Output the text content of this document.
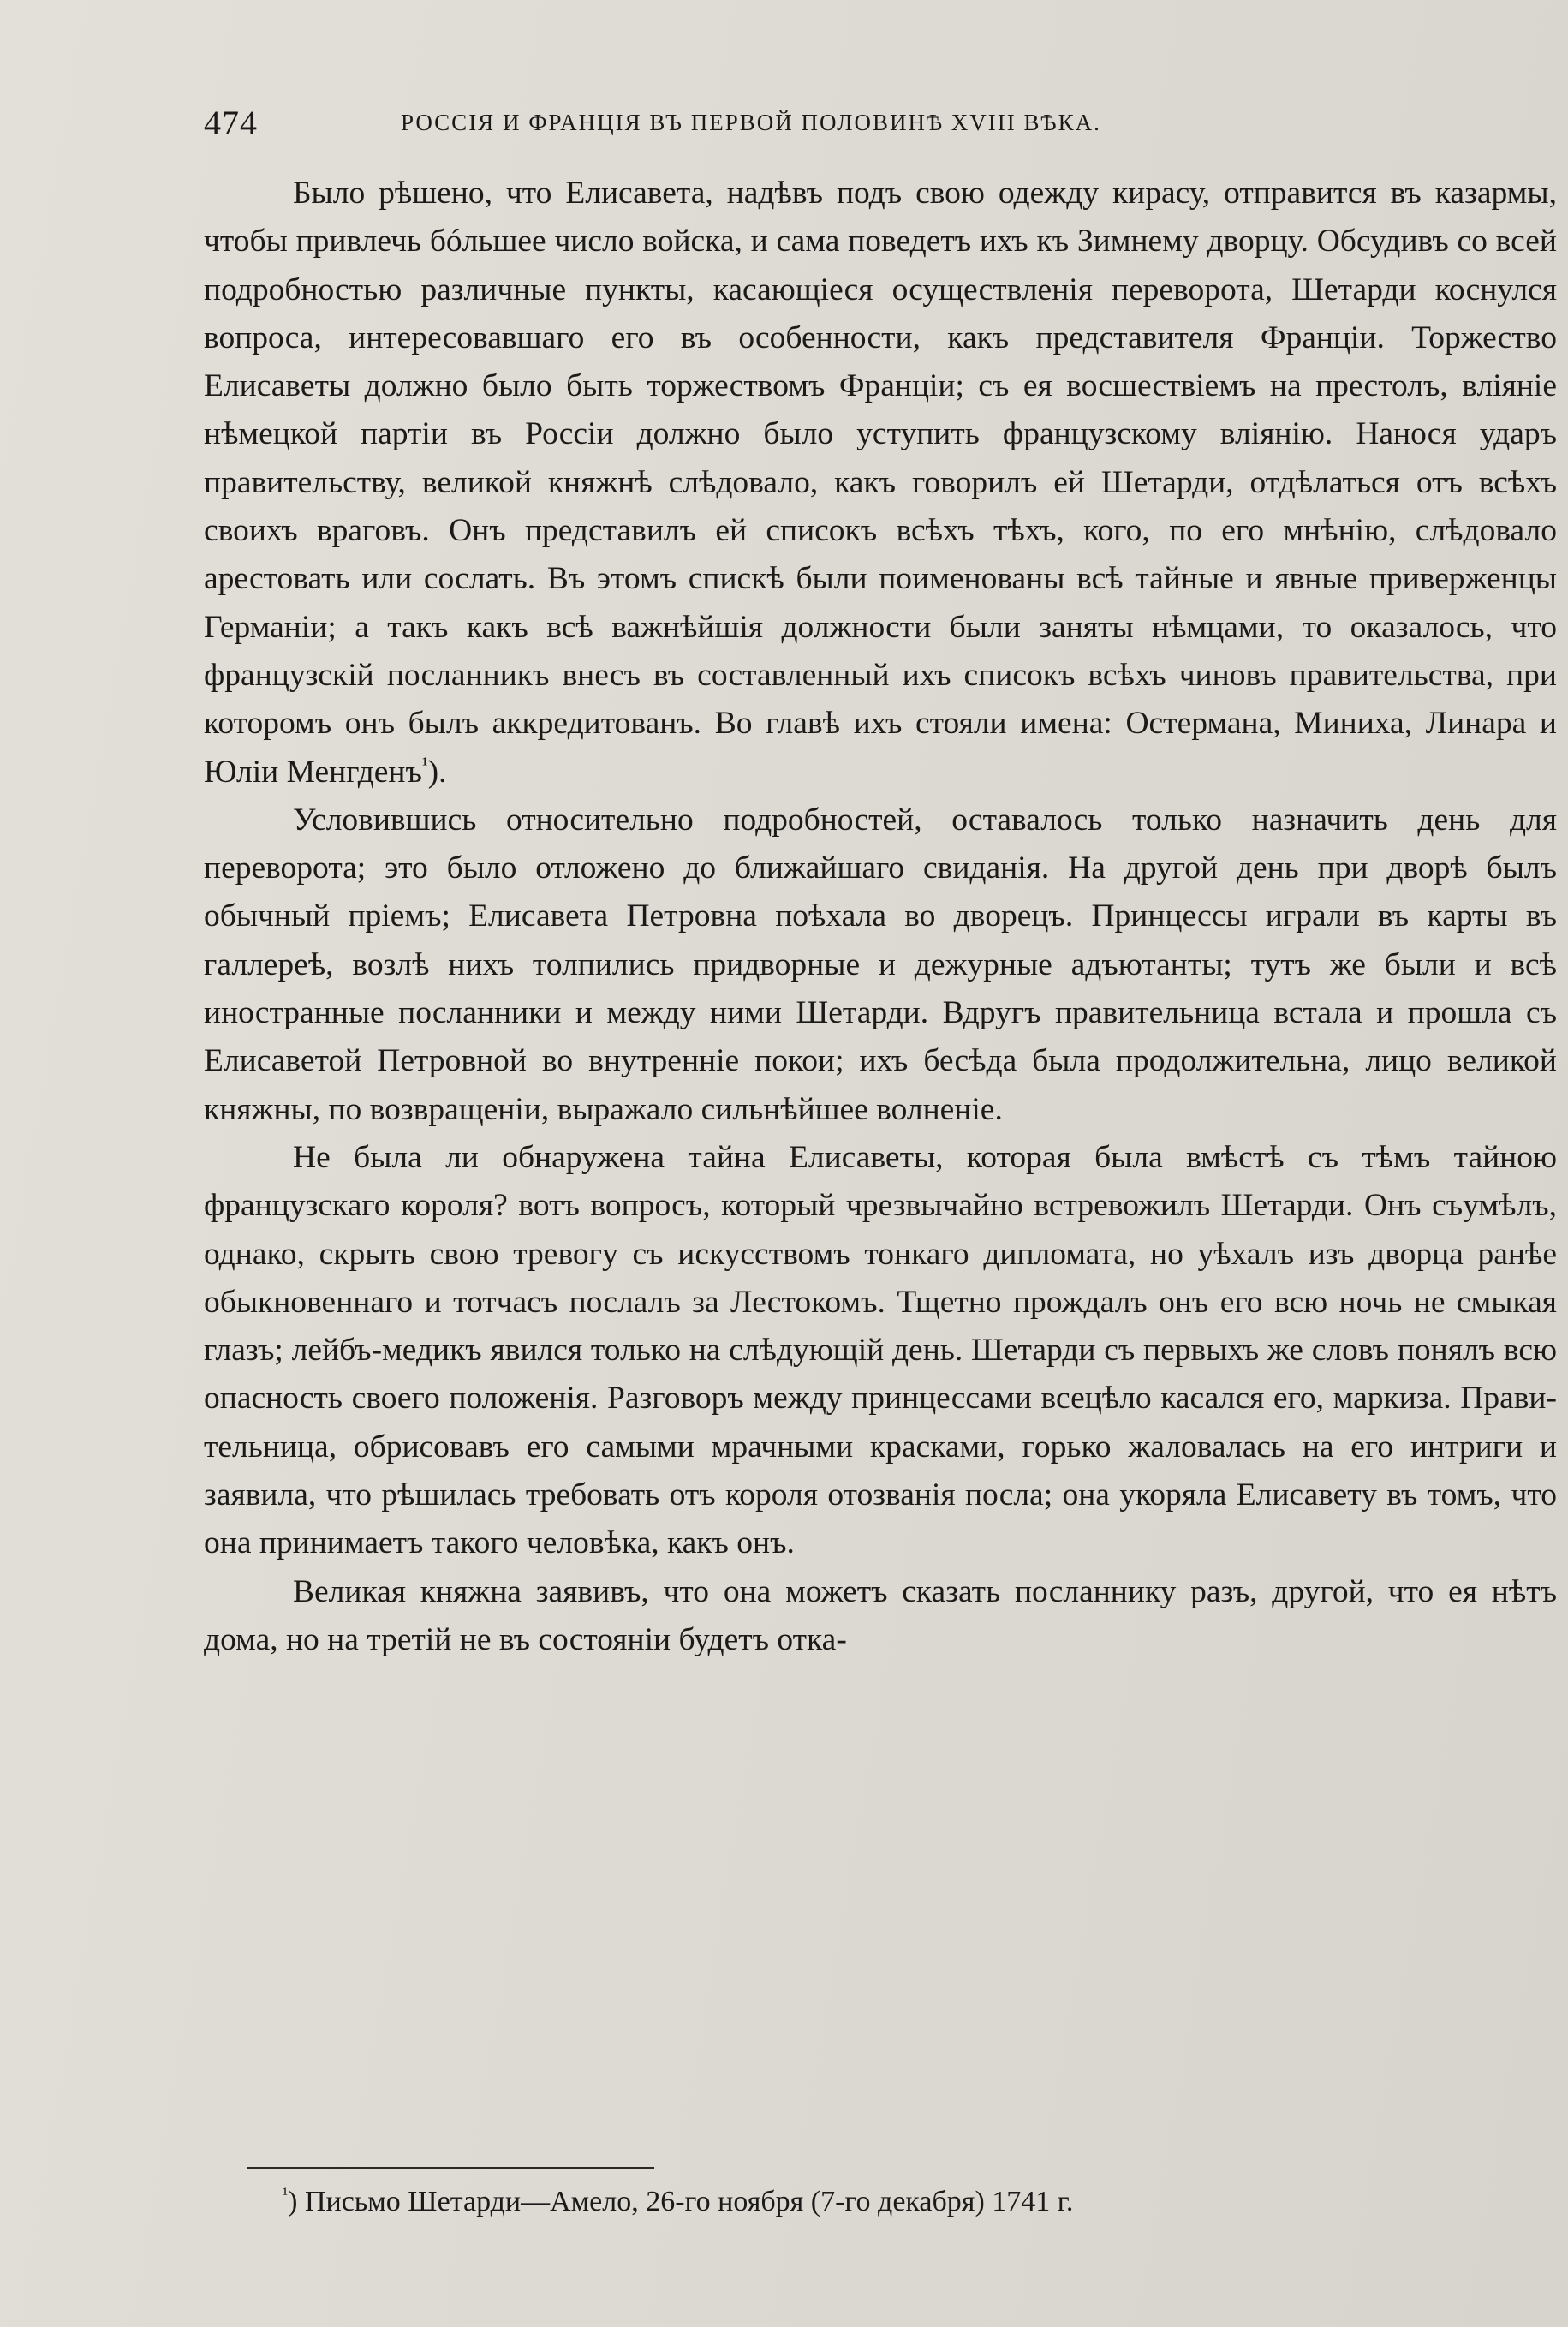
474	РОССІЯ И ФРАНЦІЯ ВЪ ПЕРВОЙ ПОЛОВИНѢ XVIII ВѢКА.

Было рѣшено, что Елисавета, надѣвъ подъ свою одежду кирасу, отправится въ казармы, чтобы привлечь бóльшее число войска, и сама поведетъ ихъ къ Зимнему дворцу. Обсудивъ со всей подробностью различные пункты, касающіеся осуществленія переворота, Шетарди коснулся вопроса, интересовавшаго его въ особенности, какъ представителя Франціи. Торжество Елисаветы должно было быть торжествомъ Франціи; съ ея восшествіемъ на престолъ, вліяніе нѣмецкой партіи въ Россіи должно было уступить французскому вліянію. Нанося ударъ правительству, великой княжнѣ слѣдовало, какъ говорилъ ей Шетарди, отдѣлаться отъ всѣхъ своихъ враговъ. Онъ представилъ ей списокъ всѣхъ тѣхъ, кого, по его мнѣнію, слѣдовало арестовать или сослать. Въ этомъ спискѣ были поименованы всѣ тайные и явные приверженцы Германіи; а такъ какъ всѣ важнѣйшія должности были заняты нѣмцами, то оказалось, что французскій посланникъ внесъ въ составленный ихъ списокъ всѣхъ чиновъ правительства, при которомъ онъ былъ аккредитованъ. Во главѣ ихъ стояли имена: Остермана, Миниха, Линара и Юліи Менгденъ$^{^1}$).

Условившись относительно подробностей, оставалось только назначить день для переворота; это было отложено до ближайшаго свиданія. На другой день при дворѣ былъ обычный пріемъ; Елисавета Петровна поѣхала во дворецъ. Принцессы играли въ карты въ галлереѣ, возлѣ нихъ толпились придворные и дежурные адъютанты; тутъ же были и всѣ иностранные посланники и между ними Шетарди. Вдругъ правительница встала и прошла съ Елисаветой Петровной во внутренніе покои; ихъ бесѣда была продолжительна, лицо великой княжны, по возвращеніи, выражало сильнѣйшее волненіе.

Не была ли обнаружена тайна Елисаветы, которая была вмѣстѣ съ тѣмъ тайною французскаго короля? вотъ вопросъ, который чрезвычайно встревожилъ Шетарди. Онъ съумѣлъ, однако, скрыть свою тревогу съ искусствомъ тонкаго дипломата, но уѣхалъ изъ дворца ранѣе обыкновеннаго и тотчасъ послалъ за Лестокомъ. Тщетно прождалъ онъ его всю ночь не смыкая глазъ; лейбъ-медикъ явился только на слѣдующій день. Шетарди съ первыхъ же словъ понялъ всю опасность своего положенія. Разговоръ между принцессами всецѣло касался его, маркиза. Правительница, обрисовавъ его самыми мрачными красками, горько жаловалась на его интриги и заявила, что рѣшилась требовать отъ короля отозванія посла; она укоряла Елисавету въ томъ, что она принимаетъ такого человѣка, какъ онъ.

Великая княжна заявивъ, что она можетъ сказать посланнику разъ, другой, что ея нѣтъ дома, но на третій не въ состояніи будетъ отка-

$^{^1}$) Письмо Шетарди—Амело, 26-го ноября (7-го декабря) 1741 г.
